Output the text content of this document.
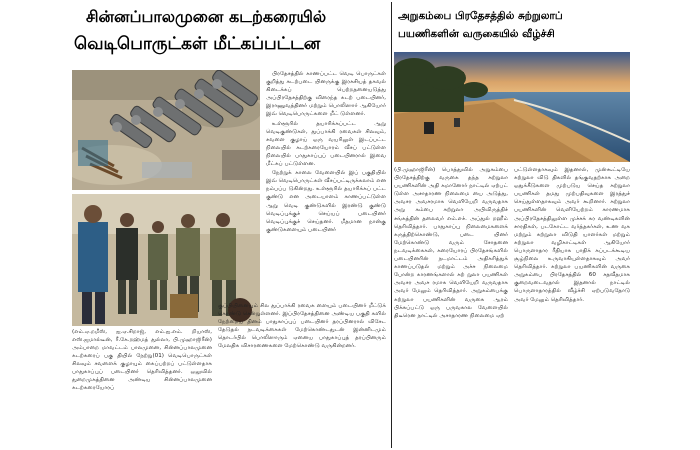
சின்னப்பாலமுனை கடற்கரையில்
வெடிபொருட்கள் மீட்கப்பட்டன

பிரதேசத்தில் காணப்பட்ட வெடி பொருட்கள் குறித்து கடற்படை யினருக்கு இரகசியத் தகவல் கிடைக்கப் பெற்றதனையடுத்து அப்பிரதேசத்திற்கு விரைந்த கடற் படையினர், இராணுவத்தினர் மற்றும் பொலிஸார் ஆகியோர் இவ் வெடிபொருட்களை மீட் டுள்ளனர்.

உள்ளூரில் தயாரிக்கப்பட்ட ஆறு வெடிகுண்டுகள், துப்பாக்கி ரவைகள் சிலவும், சவளை குழாய் ஒரு வயரிலுள் இடப்பட்ட நிலையில் கடற்கரையோரம் வீசப் பட்டுள்ள நிலையில் பாதுகாப்புப் படையினரால் இவை மீட்கப் பட்டுள்ளன.

நேற்றுக் காலை வேளையில் இப் பகுதியில் இவ் வெடிபொருட்கள் வீசப்பட்டிருக்கலாம் என நம்பப்ப டுகின்றது. உள்ளூரில் தயாரிக்கப் பட்ட குண்டு என அடையாளம் காணப்பட்டுள்ள ஆறு வெடி குண்டுகளில் இரண்டு குண்டு வெடிப்புக்குச் செய்யப் படையினர் வெடிப்புக்குச் செய்தனர். மீதமான நான்கு குண்டுகளையும் படையினர்

(எம்.ஏ.றமீஸ், ஐ.ஏ.சிறாஜ், எம்.ஐ.எம். றியாஸ், எஸ்.ஜமால்டீன், ரீ.கே.றஹ்மத் துல்லா, பி.முஹாஜிரீன்) அம்பாறை மாவட்டம் பாலமுனை, சின்னப்பாலமுனை கடற்கரைப் பகு தியில் நேற்று(01) வெடிபொருட்கள் சிலவும் சவளைக் குழாயும் கைப்பற்றப் பட்டுள்ளதாக பாதுகாப்புப் படையினர் தெரிவித்தனர். ஒலுவில் துறைமுகத்தினை அண்டிய சின்னப்பாலமுனை கடற்கரையோரப்
குப்பியினையும் சில துப்பாக்கி ரவைக ளையும் படையினர் மீட்டுக் கொண்டு சென்றுள்ளனர். இப்பிரதேசத்தினை அண்டிய பகுதி களில் நேற்றைய தினம் பாதுகாப்புப் படையினர் தரப்பினரால் விசேட தேடுதல் நடவடிக்கைகள் மேற்கொண்டதுடன் இன்னிடமும் தொடர்பில் பொலிஸாரும் ஏனைய பாதுகாப்புத் தரப்பினரும் மேலதிக விசாரணைகளை மேற்கொண்டு வருகின்றனர்.
அறுகம்பை பிரதேசத்தில் சுற்றுலாப்
பயணிகளின் வருகையில் வீழ்ச்சி
(பி.முஹாஜிரீன்) பொத்துவில் அறுகம்பை பிரதேசத்திற்கு வருகை தந்த சுற்றுலா பயணிகளின் அதி கமானோர் நாட்டில் ஏற்பட் டுள்ள அசாதாரண நிலைமை யை அடுத்து, அவசர அவசரமாக வெளியேறி வருவதாக அறு கம்பை சுற்றுலா அபிவிருத்திச் சங்கத்தின் தலைவர் எம்.எச். அப்துல் றஹீம் தெரிவித்தார். பாதுகாப்பு நிலைமைகளைக் கருத்திற்கொண்டு, படை யினர் மேற்கொண்டு வரும் சோதனை நடவடிக்கைகள், கரையோரப் பிரதேசங்களில் படையினரின் நடமாட்டம் அதிகரித்துக் காணப்படுதல் மற்றும் அச்ச நிலைமை போன்ற காரணங்களால் சுற் றுலா பயணிகள் அவசர அவச ரமாக வெளியேறி வருவதாக அவர் மேலும் தெரிவித்தார். அறுகம்பைக்கு சுற்றுலா பயணிகளின் வருகை ஆரம் பிக்கப்பட்டு ஒரு பருவகால வேளையில் திடீரென நாட்டில் அசாதாரண நிலைமை ஏற்
பட்டுள்ளதாகவும் இதனால், முன்கூட்டியே சுற்றுலா விடு திகளில் தங்குவதற்காக அறை ஒதுக்கீடுகளை முற்படுய செய்த சுற்றுலா பயணிகள் தமது முற்பதிவுகளை இரத்துச் செய்துள்ளதாகவும் அவர் கூறினார். சுற்றுலா பயணிகளின் வெளியேற்றம் காரணமாக அப்பிரதேசத்திலுள்ள முச்சக் கர வண்டிகளின் சாரதிகள், படகோட்ட வர்த்தகர்கள், உண வக மற்றும் சுற்றுலா விடுதி யாளர்கள் மற்றும் சுற்றுலா வழிகாட்டிகள் ஆகியோர் பொருளாதார ரீதியாக பாதிக் கப்படக்கூடிய சூழ்நிலை உருவாகியுள்ளதாகவும் அவர் தெரிவித்தார். சுற்றுலா பயணிகளின் வருகை அறுகம்பை பிரதேசத்தில் 60 சதவீதமாக குறைவடைவதால் இதனால் நாட்டில் பொருளாதாரத்தில் வீழ்ச்சி ஏற்படுவதோடு அவர் மேலும் தெரிவித்தார்.
